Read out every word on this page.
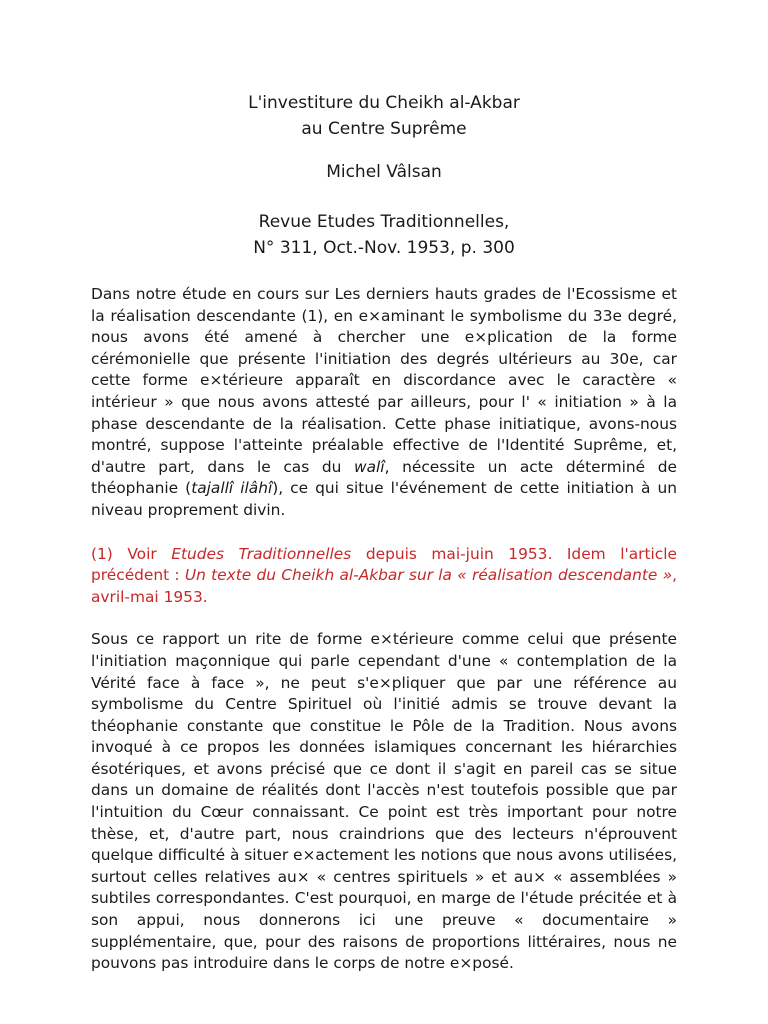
L'investiture du Cheikh al-Akbar

au Centre Suprême

Michel Vâlsan

Revue Etudes Traditionnelles,

N° 311, Oct.-Nov. 1953, p. 300

Dans notre étude en cours sur Les derniers hauts grades de l'Ecossisme et la réalisation descendante (1), en e×aminant le symbolisme du 33e degré, nous avons été amené à chercher une e×plication de la forme cérémonielle que présente l'initiation des degrés ultérieurs au 30e, car cette forme e×térieure apparaît en discordance avec le caractère « intérieur » que nous avons attesté par ailleurs, pour l' « initiation » à la phase descendante de la réalisation. Cette phase initiatique, avons-nous montré, suppose l'atteinte préalable effective de l'Identité Suprême, et, d'autre part, dans le cas du walî, nécessite un acte déterminé de théophanie (tajallî ilâhî), ce qui situe l'événement de cette initiation à un niveau proprement divin.

(1) Voir Etudes Traditionnelles depuis mai-juin 1953. Idem l'article précédent : Un texte du Cheikh al-Akbar sur la « réalisation descendante », avril-mai 1953.

Sous ce rapport un rite de forme e×térieure comme celui que présente l'initiation maçonnique qui parle cependant d'une « contemplation de la Vérité face à face », ne peut s'e×pliquer que par une référence au symbolisme du Centre Spirituel où l'initié admis se trouve devant la théophanie constante que constitue le Pôle de la Tradition. Nous avons invoqué à ce propos les données islamiques concernant les hiérarchies ésotériques, et avons précisé que ce dont il s'agit en pareil cas se situe dans un domaine de réalités dont l'accès n'est toutefois possible que par l'intuition du Cœur connaissant. Ce point est très important pour notre thèse, et, d'autre part, nous craindrions que des lecteurs n'éprouvent quelque difficulté à situer e×actement les notions que nous avons utilisées, surtout celles relatives au× « centres spirituels » et au× « assemblées » subtiles correspondantes. C'est pourquoi, en marge de l'étude précitée et à son appui, nous donnerons ici une preuve « documentaire » supplémentaire, que, pour des raisons de proportions littéraires, nous ne pouvons pas introduire dans le corps de notre e×posé.
